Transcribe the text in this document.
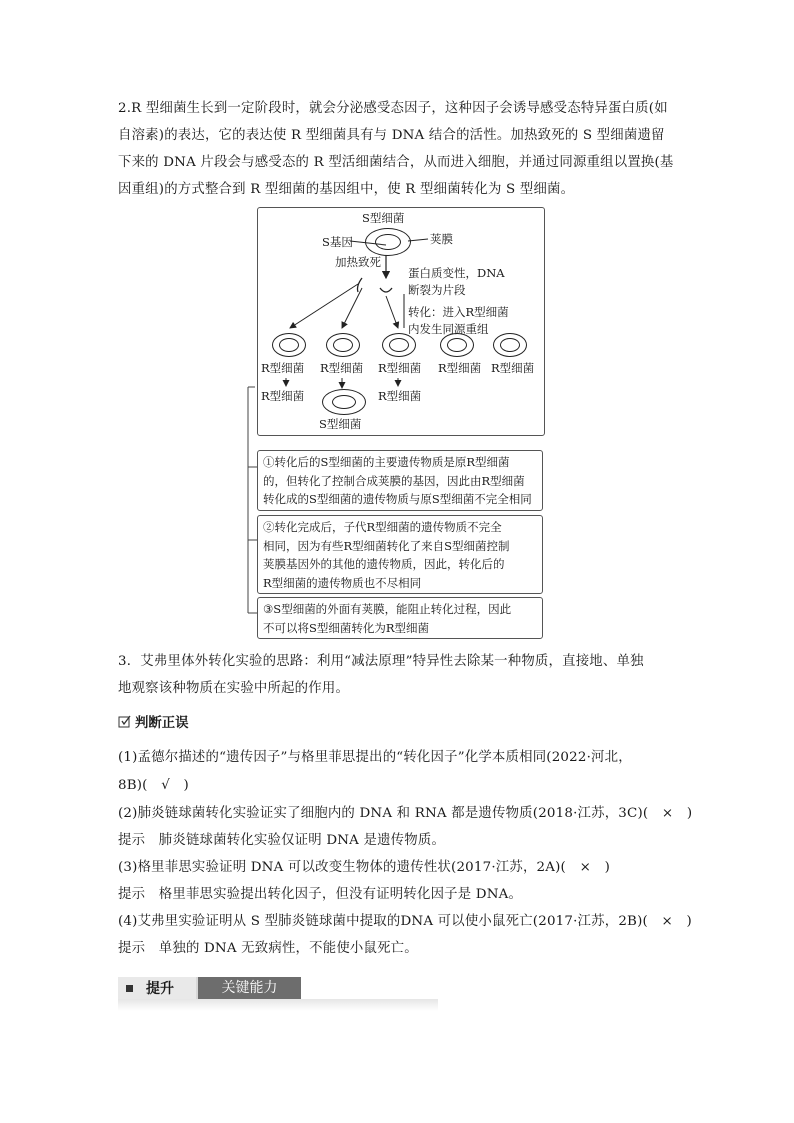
2.R 型细菌生长到一定阶段时，就会分泌感受态因子，这种因子会诱导感受态特异蛋白质(如
自溶素)的表达，它的表达使 R 型细菌具有与 DNA 结合的活性。加热致死的 S 型细菌遗留
下来的 DNA 片段会与感受态的 R 型活细菌结合，从而进入细胞，并通过同源重组以置换(基
因重组)的方式整合到 R 型细菌的基因组中，使 R 型细菌转化为 S 型细菌。
S型细菌
S基因	荚膜
加热致死
蛋白质变性，DNA
断裂为片段
转化：进入R型细菌
内发生同源重组
R型细菌 R型细菌 R型细菌 R型细菌 R型细菌
R型细菌
S型细菌
R型细菌
①转化后的S型细菌的主要遗传物质是原R型细菌
的，但转化了控制合成荚膜的基因，因此由R型细菌
转化成的S型细菌的遗传物质与原S型细菌不完全相同
②转化完成后，子代R型细菌的遗传物质不完全
相同，因为有些R型细菌转化了来自S型细菌控制
荚膜基因外的其他的遗传物质，因此，转化后的
R型细菌的遗传物质也不尽相同
③S型细菌的外面有荚膜，能阻止转化过程，因此
不可以将S型细菌转化为R型细菌
3．艾弗里体外转化实验的思路：利用“减法原理”特异性去除某一种物质，直接地、单独
地观察该种物质在实验中所起的作用。
判断正误
(1)孟德尔描述的“遗传因子”与格里菲思提出的“转化因子”化学本质相同(2022·河北，
8B)(　√　)
(2)肺炎链球菌转化实验证实了细胞内的 DNA 和 RNA 都是遗传物质(2018·江苏，3C)(　×　)
提示　肺炎链球菌转化实验仅证明 DNA 是遗传物质。
(3)格里菲思实验证明 DNA 可以改变生物体的遗传性状(2017·江苏，2A)(　×　)
提示　格里菲思实验提出转化因子，但没有证明转化因子是 DNA。
(4)艾弗里实验证明从 S 型肺炎链球菌中提取的DNA 可以使小鼠死亡(2017·江苏，2B)(　×　)
提示　单独的 DNA 无致病性，不能使小鼠死亡。
提升	关键能力
